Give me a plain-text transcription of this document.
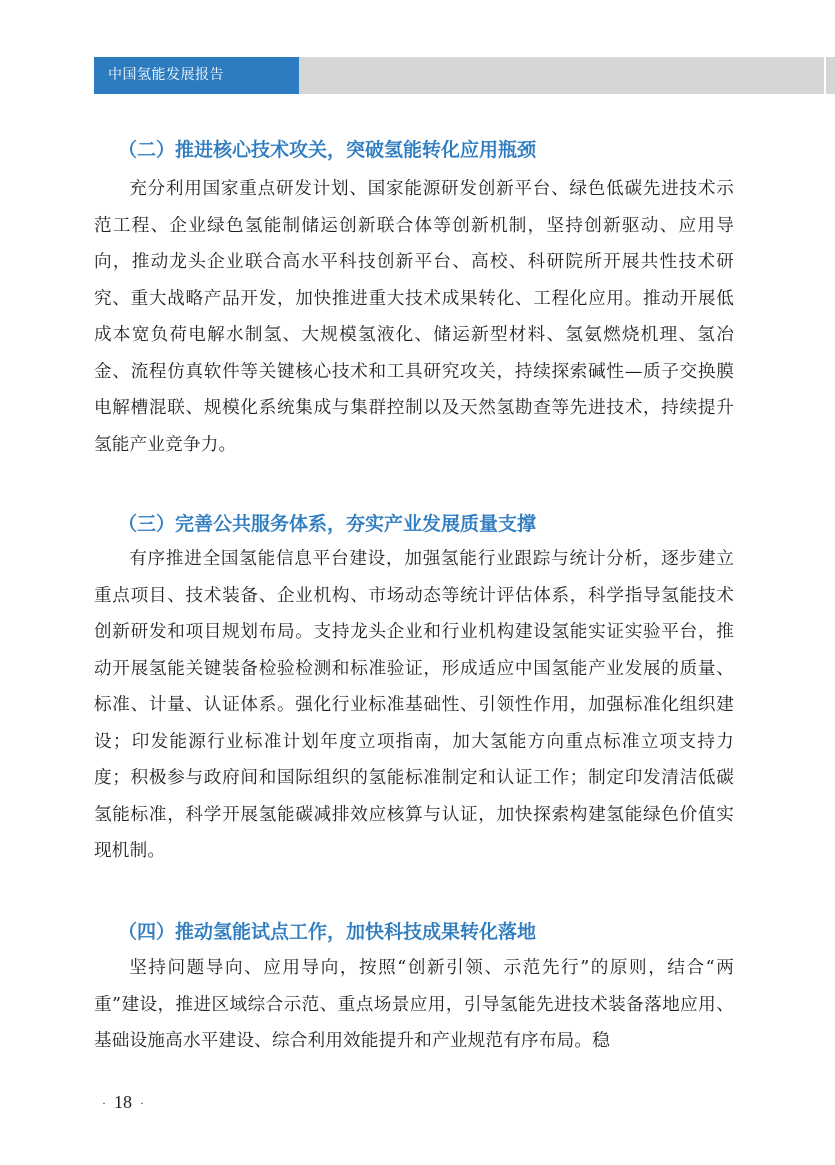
中国氢能发展报告
（二）推进核心技术攻关，突破氢能转化应用瓶颈

充分利用国家重点研发计划、国家能源研发创新平台、绿色低碳先进技术示范工程、企业绿色氢能制储运创新联合体等创新机制，坚持创新驱动、应用导向，推动龙头企业联合高水平科技创新平台、高校、科研院所开展共性技术研究、重大战略产品开发，加快推进重大技术成果转化、工程化应用。推动开展低成本宽负荷电解水制氢、大规模氢液化、储运新型材料、氢氨燃烧机理、氢冶金、流程仿真软件等关键核心技术和工具研究攻关，持续探索碱性—质子交换膜电解槽混联、规模化系统集成与集群控制以及天然氢勘查等先进技术，持续提升氢能产业竞争力。

（三）完善公共服务体系，夯实产业发展质量支撑

有序推进全国氢能信息平台建设，加强氢能行业跟踪与统计分析，逐步建立重点项目、技术装备、企业机构、市场动态等统计评估体系，科学指导氢能技术创新研发和项目规划布局。支持龙头企业和行业机构建设氢能实证实验平台，推动开展氢能关键装备检验检测和标准验证，形成适应中国氢能产业发展的质量、标准、计量、认证体系。强化行业标准基础性、引领性作用，加强标准化组织建设；印发能源行业标准计划年度立项指南，加大氢能方向重点标准立项支持力度；积极参与政府间和国际组织的氢能标准制定和认证工作；制定印发清洁低碳氢能标准，科学开展氢能碳减排效应核算与认证，加快探索构建氢能绿色价值实现机制。

（四）推动氢能试点工作，加快科技成果转化落地

坚持问题导向、应用导向，按照“创新引领、示范先行”的原则，结合“两重”建设，推进区域综合示范、重点场景应用，引导氢能先进技术装备落地应用、基础设施高水平建设、综合利用效能提升和产业规范有序布局。稳

· 18 ·
